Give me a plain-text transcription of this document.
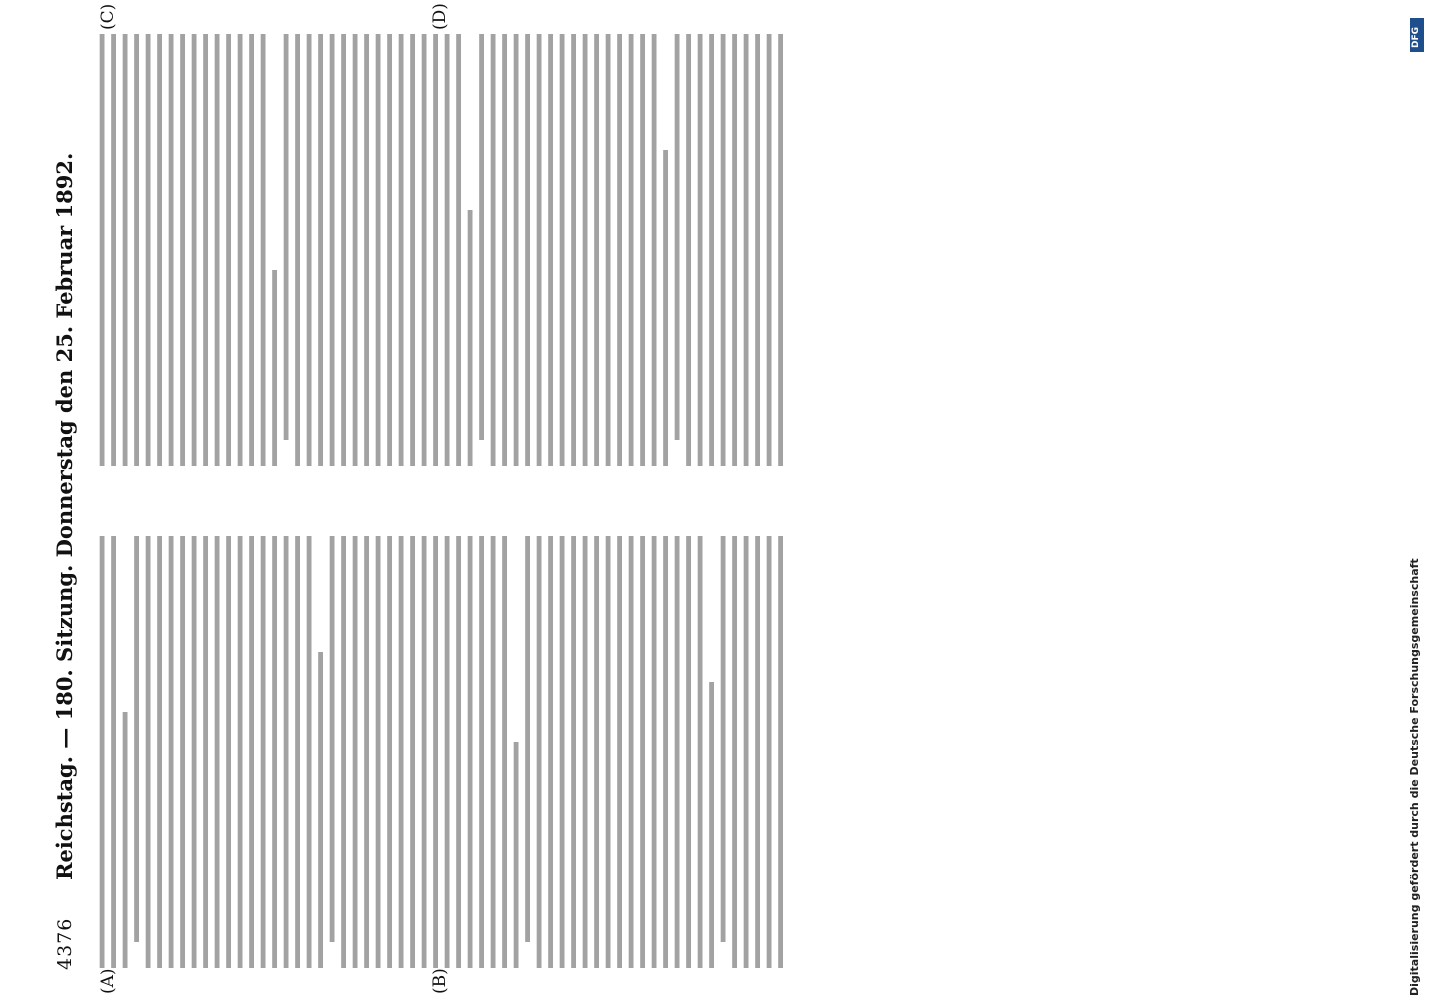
4376
Reichstag. — 180. Sitzung. Donnerstag den 25. Februar 1892.
(A)	(B)
(C)	(D)
Digitalisierung gefördert durch die Deutsche Forschungsgemeinschaft
DFG
